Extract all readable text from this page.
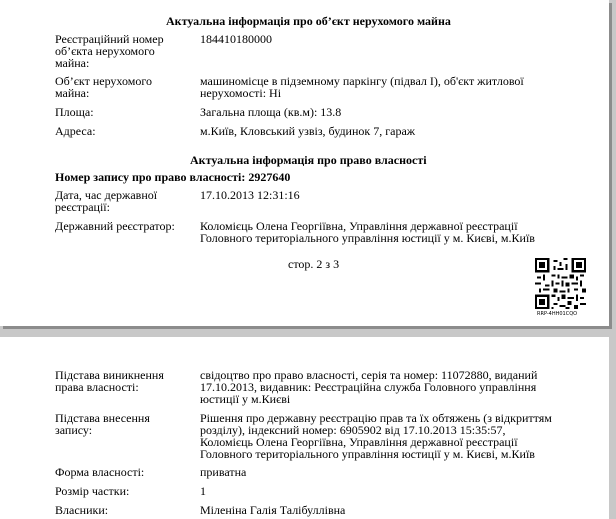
Актуальна інформація про об’єкт нерухомого майна
Реєстраційний номер
об’єкта нерухомого
майна:
184410180000
Об’єкт нерухомого
майна:
машиномісце в підземному паркінгу (підвал І), об'єкт житлової
нерухомості: Ні
Площа:	Загальна площа (кв.м): 13.8
Адреса:	м.Київ, Кловський узвіз, будинок 7, гараж
Актуальна інформація про право власності
Номер запису про право власності: 2927640
Дата, час державної
реєстрації:
17.10.2013 12:31:16
Державний реєстратор: Коломієць Олена Георгіївна, Управління державної реєстрації
Головного територіального управління юстиції у м. Києві, м.Київ
стор. 2 з 3
RRP-4HH01CQO
Підстава виникнення
права власності:
свідоцтво про право власності, серія та номер: 11072880, виданий
17.10.2013, видавник: Реєстраційна служба Головного управління
юстиції у м.Києві
Підстава внесення
запису:
Рішення про державну реєстрацію прав та їх обтяжень (з відкриттям
розділу), індексний номер: 6905902 від 17.10.2013 15:35:57,
Коломієць Олена Георгіївна, Управління державної реєстрації
Головного територіального управління юстиції у м. Києві, м.Київ
Форма власності:	приватна
Розмір частки:	1
Власники:	Міленіна Галія Талібуллівна
